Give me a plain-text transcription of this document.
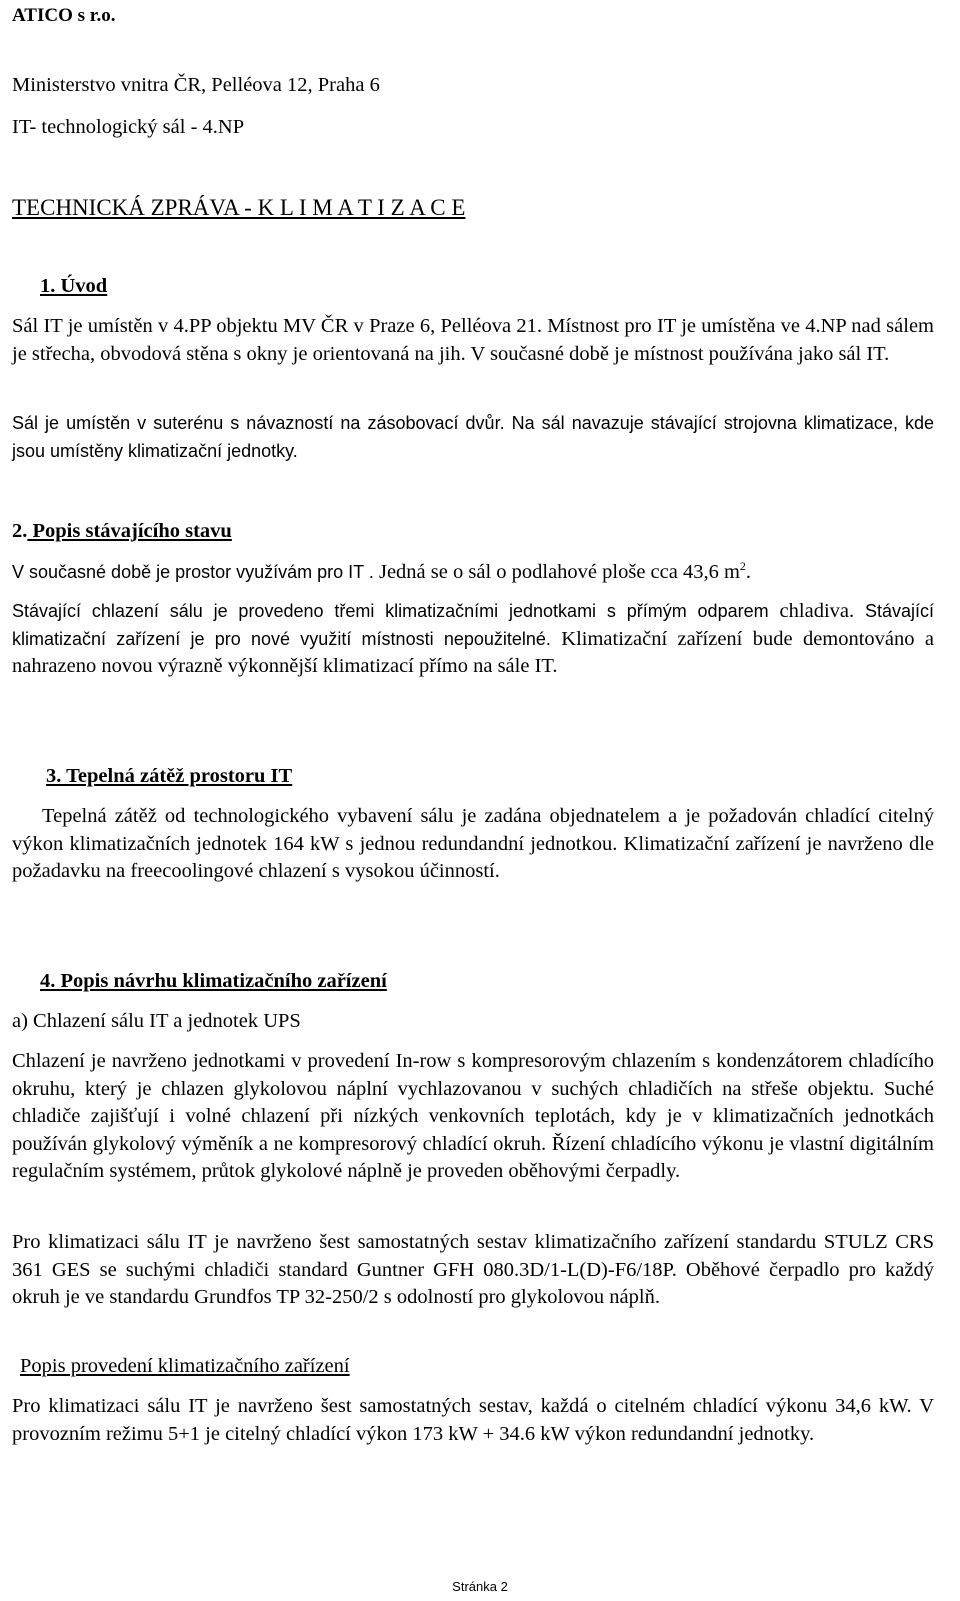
ATICO s r.o.
Ministerstvo vnitra ČR, Pelléova 12, Praha 6
IT- technologický sál - 4.NP
TECHNICKÁ ZPRÁVA - K L I M A T I Z A C E
1. Úvod

Sál IT je umístěn v 4.PP objektu MV ČR v Praze 6, Pelléova 21. Místnost pro IT je umístěna ve 4.NP nad sálem je střecha, obvodová stěna s okny je orientovaná na jih. V současné době je místnost používána jako sál IT.

Sál je umístěn v suterénu s návazností na zásobovací dvůr. Na sál navazuje stávající strojovna klimatizace, kde jsou umístěny klimatizační jednotky.

2. Popis stávajícího stavu

V současné době je prostor využívám pro IT . Jedná se o sál o podlahové ploše cca 43,6 $m^2$.

Stávající chlazení sálu je provedeno třemi klimatizačními jednotkami s přímým odparem chladiva. Stávající klimatizační zařízení je pro nové využití místnosti nepoužitelné. Klimatizační zařízení bude demontováno a nahrazeno novou výrazně výkonnější klimatizací přímo na sále IT.

3. Tepelná zátěž prostoru IT

Tepelná zátěž od technologického vybavení sálu je zadána objednatelem a je požadován chladící citelný výkon klimatizačních jednotek 164 kW s jednou redundandní jednotkou. Klimatizační zařízení je navrženo dle požadavku na freecoolingové chlazení s vysokou účinností.

4. Popis návrhu klimatizačního zařízení
a) Chlazení sálu IT a jednotek UPS

Chlazení je navrženo jednotkami v provedení In-row s kompresorovým chlazením s kondenzátorem chladícího okruhu, který je chlazen glykolovou náplní vychlazovanou v suchých chladičích na střeše objektu. Suché chladiče zajišťují i volné chlazení při nízkých venkovních teplotách, kdy je v klimatizačních jednotkách používán glykolový výměník a ne kompresorový chladící okruh. Řízení chladícího výkonu je vlastní digitálním regulačním systémem, průtok glykolové náplně je proveden oběhovými čerpadly.

Pro klimatizaci sálu IT je navrženo šest samostatných sestav klimatizačního zařízení standardu STULZ CRS 361 GES se suchými chladiči standard Guntner GFH 080.3D/1-L(D)-F6/18P. Oběhové čerpadlo pro každý okruh je ve standardu Grundfos TP 32-250/2 s odolností pro glykolovou náplň.

Popis provedení klimatizačního zařízení

Pro klimatizaci sálu IT je navrženo šest samostatných sestav, každá o citelném chladící výkonu 34,6 kW. V provozním režimu 5+1 je citelný chladící výkon 173 kW + 34.6 kW výkon redundandní jednotky.

Stránka 2
